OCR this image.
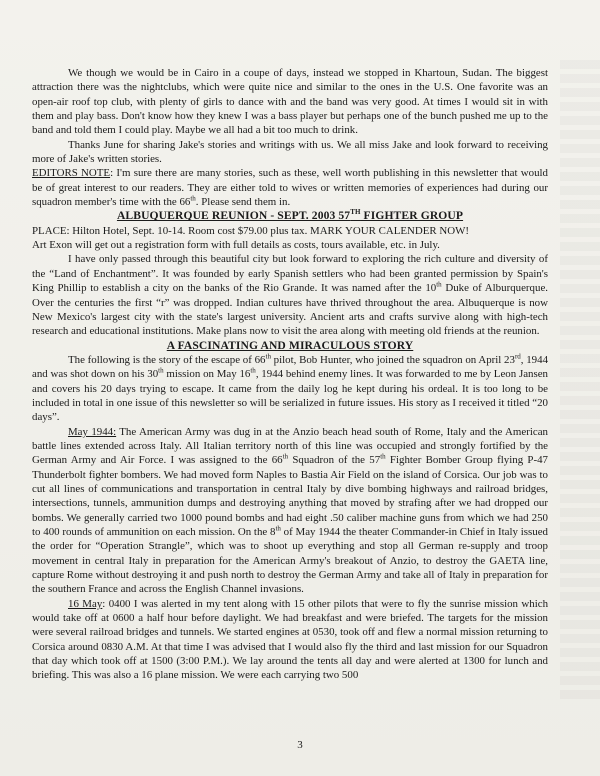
We though we would be in Cairo in a coupe of days, instead we stopped in Khartoun, Sudan. The biggest attraction there was the nightclubs, which were quite nice and similar to the ones in the U.S. One favorite was an open-air roof top club, with plenty of girls to dance with and the band was very good. At times I would sit in with them and play bass. Don't know how they knew I was a bass player but perhaps one of the bunch pushed me up to the band and told them I could play. Maybe we all had a bit too much to drink.

Thanks June for sharing Jake's stories and writings with us. We all miss Jake and look forward to receiving more of Jake's written stories.

EDITORS NOTE: I'm sure there are many stories, such as these, well worth publishing in this newsletter that would be of great interest to our readers. They are either told to wives or written memories of experiences had during our squadron member's time with the 66th. Please send them in.

ALBUQUERQUE REUNION - SEPT. 2003 57TH FIGHTER GROUP

PLACE: Hilton Hotel, Sept. 10-14. Room cost $79.00 plus tax. MARK YOUR CALENDER NOW!

Art Exon will get out a registration form with full details as costs, tours available, etc. in July.

I have only passed through this beautiful city but look forward to exploring the rich culture and diversity of the “Land of Enchantment”. It was founded by early Spanish settlers who had been granted permission by Spain's King Phillip to establish a city on the banks of the Rio Grande. It was named after the 10th Duke of Alburquerque. Over the centuries the first “r” was dropped. Indian cultures have thrived throughout the area. Albuquerque is now New Mexico's largest city with the state's largest university. Ancient arts and crafts survive along with high-tech research and educational institutions. Make plans now to visit the area along with meeting old friends at the reunion.

A FASCINATING AND MIRACULOUS STORY

The following is the story of the escape of 66th pilot, Bob Hunter, who joined the squadron on April 23rd, 1944 and was shot down on his 30th mission on May 16th, 1944 behind enemy lines. It was forwarded to me by Leon Jansen and covers his 20 days trying to escape. It came from the daily log he kept during his ordeal. It is too long to be included in total in one issue of this newsletter so will be serialized in future issues. His story as I received it titled “20 days”.

May 1944: The American Army was dug in at the Anzio beach head south of Rome, Italy and the American battle lines extended across Italy. All Italian territory north of this line was occupied and strongly fortified by the German Army and Air Force. I was assigned to the 66th Squadron of the 57th Fighter Bomber Group flying P-47 Thunderbolt fighter bombers. We had moved form Naples to Bastia Air Field on the island of Corsica. Our job was to cut all lines of communications and transportation in central Italy by dive bombing highways and railroad bridges, intersections, tunnels, ammunition dumps and destroying anything that moved by strafing after we had dropped our bombs. We generally carried two 1000 pound bombs and had eight .50 caliber machine guns from which we had 250 to 400 rounds of ammunition on each mission. On the 8th of May 1944 the theater Commander-in Chief in Italy issued the order for “Operation Strangle”, which was to shoot up everything and stop all German re-supply and troop movement in central Italy in preparation for the American Army's breakout of Anzio, to destroy the GAETA line, capture Rome without destroying it and push north to destroy the German Army and take all of Italy in preparation for the southern France and across the English Channel invasions.

16 May: 0400 I was alerted in my tent along with 15 other pilots that were to fly the sunrise mission which would take off at 0600 a half hour before daylight. We had breakfast and were briefed. The targets for the mission were several railroad bridges and tunnels. We started engines at 0530, took off and flew a normal mission returning to Corsica around 0830 A.M. At that time I was advised that I would also fly the third and last mission for our Squadron that day which took off at 1500 (3:00 P.M.). We lay around the tents all day and were alerted at 1300 for lunch and briefing. This was also a 16 plane mission. We were each carrying two 500

3
